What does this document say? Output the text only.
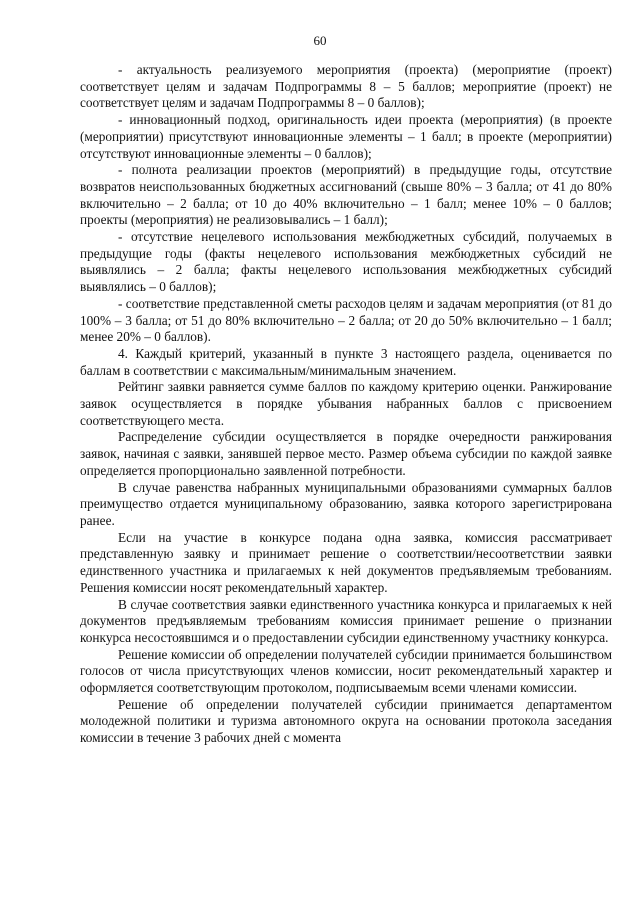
60

- актуальность реализуемого мероприятия (проекта) (мероприятие (проект) соответствует целям и задачам Подпрограммы 8 – 5 баллов; мероприятие (проект) не соответствует целям и задачам Подпрограммы 8 – 0 баллов);

- инновационный подход, оригинальность идеи проекта (мероприятия) (в проекте (мероприятии) присутствуют инновационные элементы – 1 балл; в проекте (мероприятии) отсутствуют инновационные элементы – 0 баллов);

- полнота реализации проектов (мероприятий) в предыдущие годы, отсутствие возвратов неиспользованных бюджетных ассигнований (свыше 80% – 3 балла; от 41 до 80% включительно – 2 балла; от 10 до 40% включительно – 1 балл; менее 10% – 0 баллов; проекты (мероприятия) не реализовывались – 1 балл);

- отсутствие нецелевого использования межбюджетных субсидий, получаемых в предыдущие годы (факты нецелевого использования межбюджетных субсидий не выявлялись – 2 балла; факты нецелевого использования межбюджетных субсидий выявлялись – 0 баллов);

- соответствие представленной сметы расходов целям и задачам мероприятия (от 81 до 100% – 3 балла; от 51 до 80% включительно – 2 балла; от 20 до 50% включительно – 1 балл; менее 20% – 0 баллов).

4. Каждый критерий, указанный в пункте 3 настоящего раздела, оценивается по баллам в соответствии с максимальным/минимальным значением.

Рейтинг заявки равняется сумме баллов по каждому критерию оценки. Ранжирование заявок осуществляется в порядке убывания набранных баллов с присвоением соответствующего места.

Распределение субсидии осуществляется в порядке очередности ранжирования заявок, начиная с заявки, занявшей первое место. Размер объема субсидии по каждой заявке определяется пропорционально заявленной потребности.

В случае равенства набранных муниципальными образованиями суммарных баллов преимущество отдается муниципальному образованию, заявка которого зарегистрирована ранее.

Если на участие в конкурсе подана одна заявка, комиссия рассматривает представленную заявку и принимает решение о соответствии/несоответствии заявки единственного участника и прилагаемых к ней документов предъявляемым требованиям. Решения комиссии носят рекомендательный характер.

В случае соответствия заявки единственного участника конкурса и прилагаемых к ней документов предъявляемым требованиям комиссия принимает решение о признании конкурса несостоявшимся и о предоставлении субсидии единственному участнику конкурса.

Решение комиссии об определении получателей субсидии принимается большинством голосов от числа присутствующих членов комиссии, носит рекомендательный характер и оформляется соответствующим протоколом, подписываемым всеми членами комиссии.

Решение об определении получателей субсидии принимается департаментом молодежной политики и туризма автономного округа на основании протокола заседания комиссии в течение 3 рабочих дней с момента
